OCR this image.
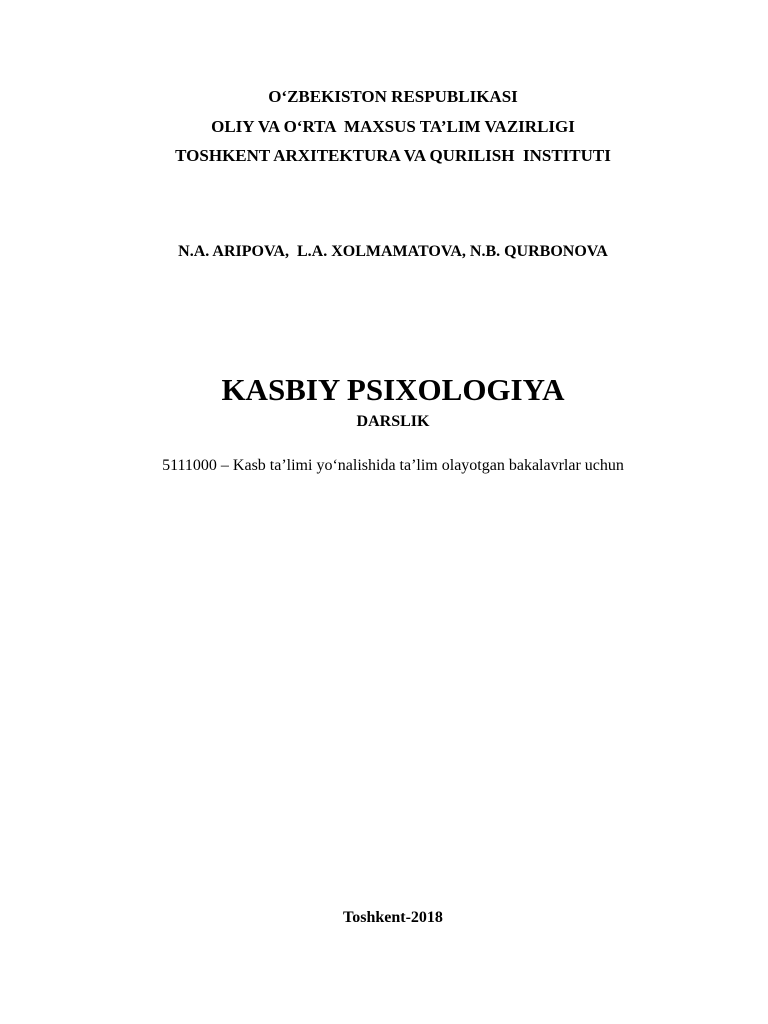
O‘ZBEKISTON RESPUBLIKASI
OLIY VA O‘RTA  MAXSUS TA’LIM VAZIRLIGI
TOSHKENT ARXITEKTURA VA QURILISH  INSTITUTI
N.A. ARIPOVA,  L.A. XOLMAMATOVA, N.B. QURBONOVA
KASBIY PSIXOLOGIYA
DARSLIK
5111000 – Kasb ta’limi yo‘nalishida ta’lim olayotgan bakalavrlar uchun
Toshkent-2018
